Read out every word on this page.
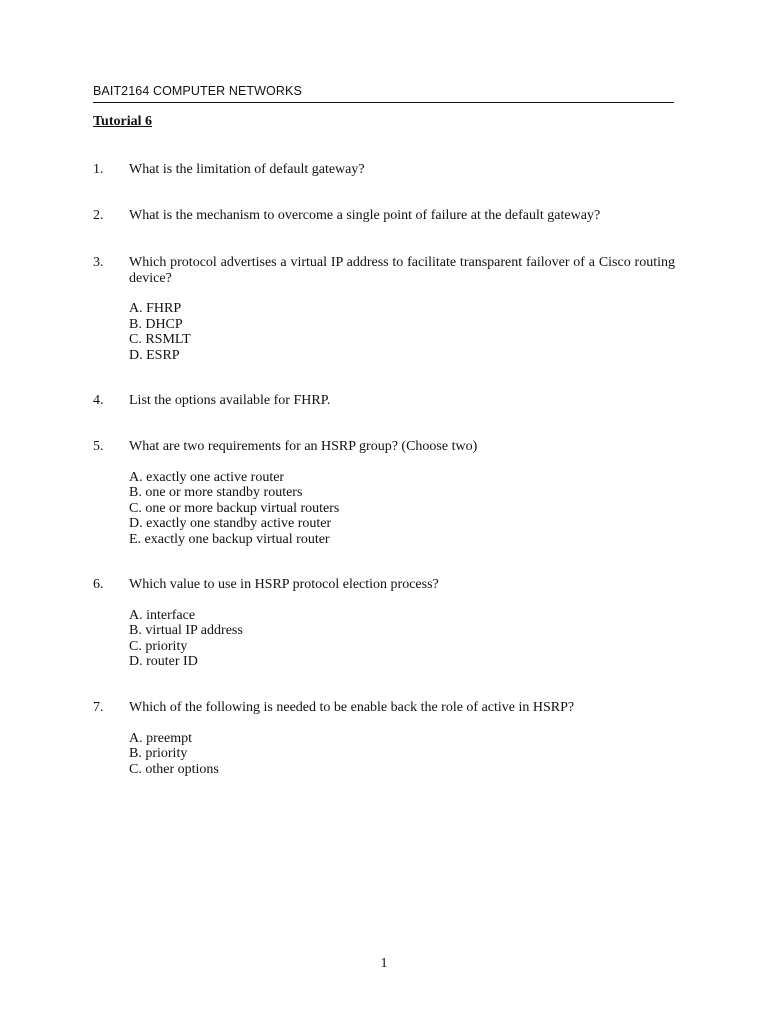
BAIT2164 COMPUTER NETWORKS
Tutorial 6
1. What is the limitation of default gateway?

2. What is the mechanism to overcome a single point of failure at the default gateway?

3. Which protocol advertises a virtual IP address to facilitate transparent failover of a Cisco routing device?

A. FHRP
B. DHCP
C. RSMLT
D. ESRP
4. List the options available for FHRP.

5. What are two requirements for an HSRP group? (Choose two)

A. exactly one active router
B. one or more standby routers
C. one or more backup virtual routers
D. exactly one standby active router
E. exactly one backup virtual router
6. Which value to use in HSRP protocol election process?

A. interface
B. virtual IP address
C. priority
D. router ID
7. Which of the following is needed to be enable back the role of active in HSRP?

A. preempt
B. priority
C. other options
1
